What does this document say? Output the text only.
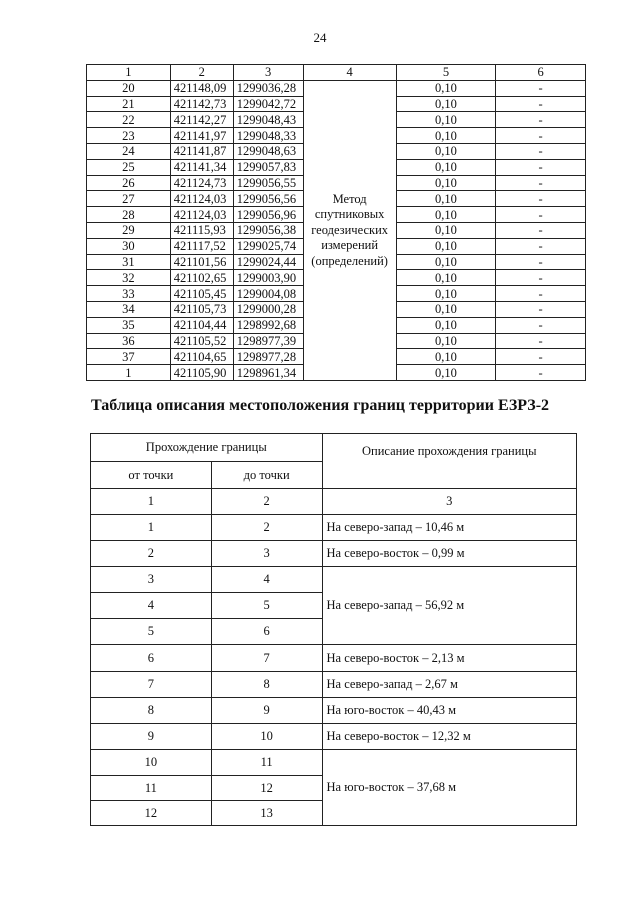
24
1	2	3	4	5	6
20	421148,09	1299036,28	Метод спутниковых геодезических измерений (определений)	0,10	-
21	421142,73	1299042,72		0,10	-
22	421142,27	1299048,43		0,10	-
23	421141,97	1299048,33		0,10	-
24	421141,87	1299048,63		0,10	-
25	421141,34	1299057,83		0,10	-
26	421124,73	1299056,55		0,10	-
27	421124,03	1299056,56		0,10	-
28	421124,03	1299056,96		0,10	-
29	421115,93	1299056,38		0,10	-
30	421117,52	1299025,74		0,10	-
31	421101,56	1299024,44		0,10	-
32	421102,65	1299003,90		0,10	-
33	421105,45	1299004,08		0,10	-
34	421105,73	1299000,28		0,10	-
35	421104,44	1298992,68		0,10	-
36	421105,52	1298977,39		0,10	-
37	421104,65	1298977,28		0,10	-
1	421105,90	1298961,34		0,10	-
Таблица описания местоположения границ территории ЕЗРЗ-2
Прохождение границы		Описание прохождения границы
от точки	до точки	
1	2	3
1	2	На северо-запад – 10,46 м
2	3	На северо-восток – 0,99 м
3	4	На северо-запад – 56,92 м
4	5	
5	6	
6	7	На северо-восток – 2,13 м
7	8	На северо-запад – 2,67 м
8	9	На юго-восток – 40,43 м
9	10	На северо-восток – 12,32 м
10	11	На юго-восток – 37,68 м
11	12	
12	13	
